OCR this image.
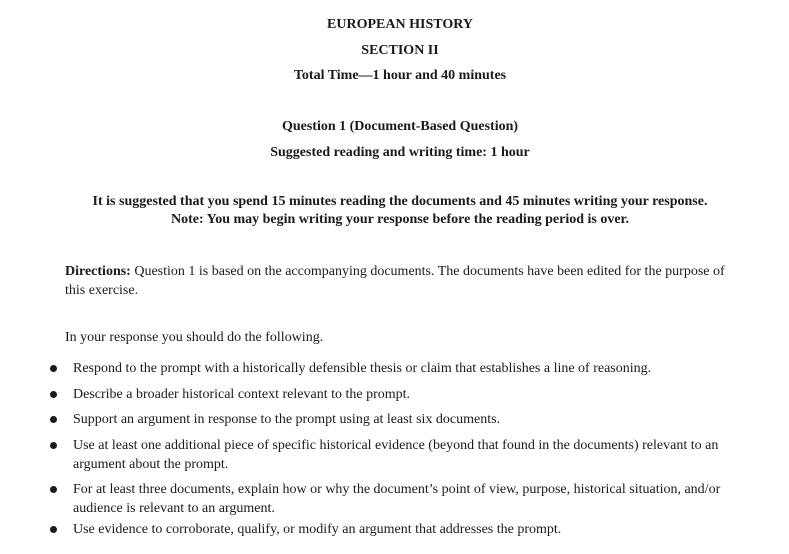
EUROPEAN HISTORY
SECTION II
Total Time—1 hour and 40 minutes
Question 1 (Document-Based Question)
Suggested reading and writing time: 1 hour
It is suggested that you spend 15 minutes reading the documents and 45 minutes writing your response.
Note: You may begin writing your response before the reading period is over.
Directions: Question 1 is based on the accompanying documents. The documents have been edited for the purpose of this exercise.
In your response you should do the following.
Respond to the prompt with a historically defensible thesis or claim that establishes a line of reasoning.
Describe a broader historical context relevant to the prompt.
Support an argument in response to the prompt using at least six documents.
Use at least one additional piece of specific historical evidence (beyond that found in the documents) relevant to an argument about the prompt.
For at least three documents, explain how or why the document’s point of view, purpose, historical situation, and/or audience is relevant to an argument.
Use evidence to corroborate, qualify, or modify an argument that addresses the prompt.
